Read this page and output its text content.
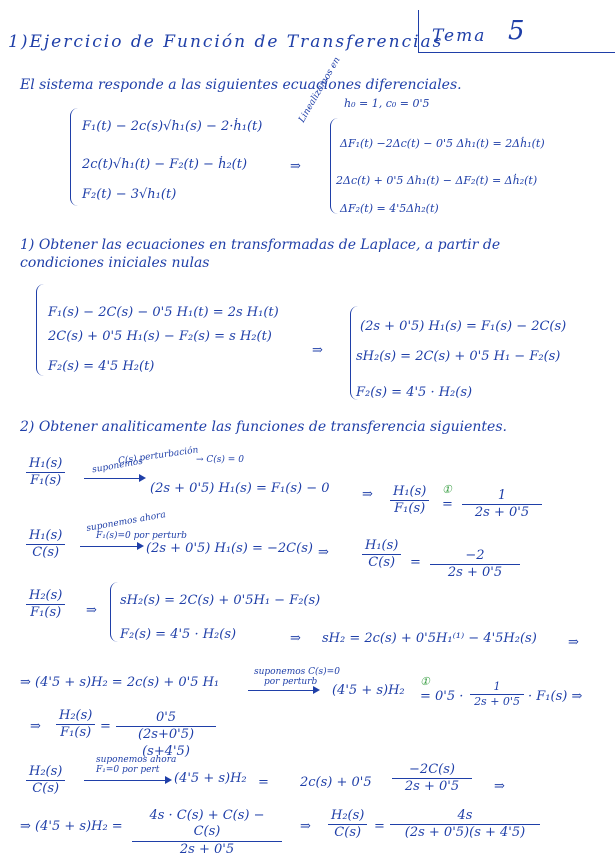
1)Ejercicio de Función de Transferencias
Tema 5
El sistema responde a las siguientes ecuaciones diferenciales.
F₁(t) − 2c(s)√h₁(s) − 2·ḣ₁(t)
2c(t)√h₁(t) − F₂(t) − ḣ₂(t)
F₂(t) − 3√h₁(t)
⇒
Linealizamos en h₀ = 1, c₀ = 0'5
ΔF₁(t) −2Δc(t) − 0'5 Δh₁(t) = 2Δḣ₁(t)
2Δc(t) + 0'5 Δh₁(t) − ΔF₂(t) = Δḣ₂(t)
ΔF₂(t) = 4'5Δh₂(t)
1) Obtener las ecuaciones en transformadas de Laplace, a partir de
condiciones iniciales nulas
F₁(s) − 2C(s) − 0'5 H₁(t) = 2s H₁(t)
2C(s) + 0'5 H₁(s) − F₂(s) = s H₂(t)
F₂(s) = 4'5 H₂(t)
⇒
(2s + 0'5) H₁(s) = F₁(s) − 2C(s)
sH₂(s) = 2C(s) + 0'5 H₁ − F₂(s)
F₂(s) = 4'5 · H₂(s)
2) Obtener analiticamente las funciones de transferencia siguientes.
$\frac{\text{H₁(s)}}{\text{F₁(s)}}$	suponemos
C(s) perturbación
→ C(s) = 0
(2s + 0'5) H₁(s) = F₁(s) − 0	⇒ $\frac{\text{H₁(s)}}{\text{F₁(s)}}$ ①
= $\frac{1}{2s + 0'5}$
$\frac{\text{H₁(s)}}{C(s)}$
suponemos ahora
F₁(s)=0 por perturb
(2s + 0'5) H₁(s) = −2C(s) ⇒	$\frac{\text{H₁(s)}}{C(s)} = \frac{-2}{2s + 0'5}$
$\frac{\text{H₂(s)}}{\text{F₁(s)}}$ ⇒
sH₂(s) = 2C(s) + 0'5H₁ − F₂(s)
F₂(s) = 4'5 · H₂(s)	⇒ sH₂ = 2c(s) + 0'5H₁⁽¹⁾ − 4'5H₂(s) ⇒
⇒ (4'5 + s)H₂ = 2c(s) + 0'5 H₁
suponemos C(s)=0
por perturb
(4'5 + s)H₂
①
= $0'5 \cdot \frac{1}{2s + 0'5} \cdot F_1(s)$ ⇒
⇒ $\frac{\text{H₂(s)}}{\text{F₁(s)}} = \frac{0'5}{(2s+0'5)(s+4'5)}$
$\frac{\text{H₂(s)}}{C(s)}$
suponemos ahora
F₁=0 por pert
$(4'5 + s)H_2 = 2c(s) + 0'5 \frac{-2C(s)}{2s + 0'5}$ ⇒
⇒ $(4'5 + s)H_2 = \frac{4s \cdot C(s) + C(s) - C(s)}{2s + 0'5}$ ⇒ $\frac{\text{H₂(s)}}{C(s)} = \frac{4s}{(2s + 0'5)(s + 4'5)}$
